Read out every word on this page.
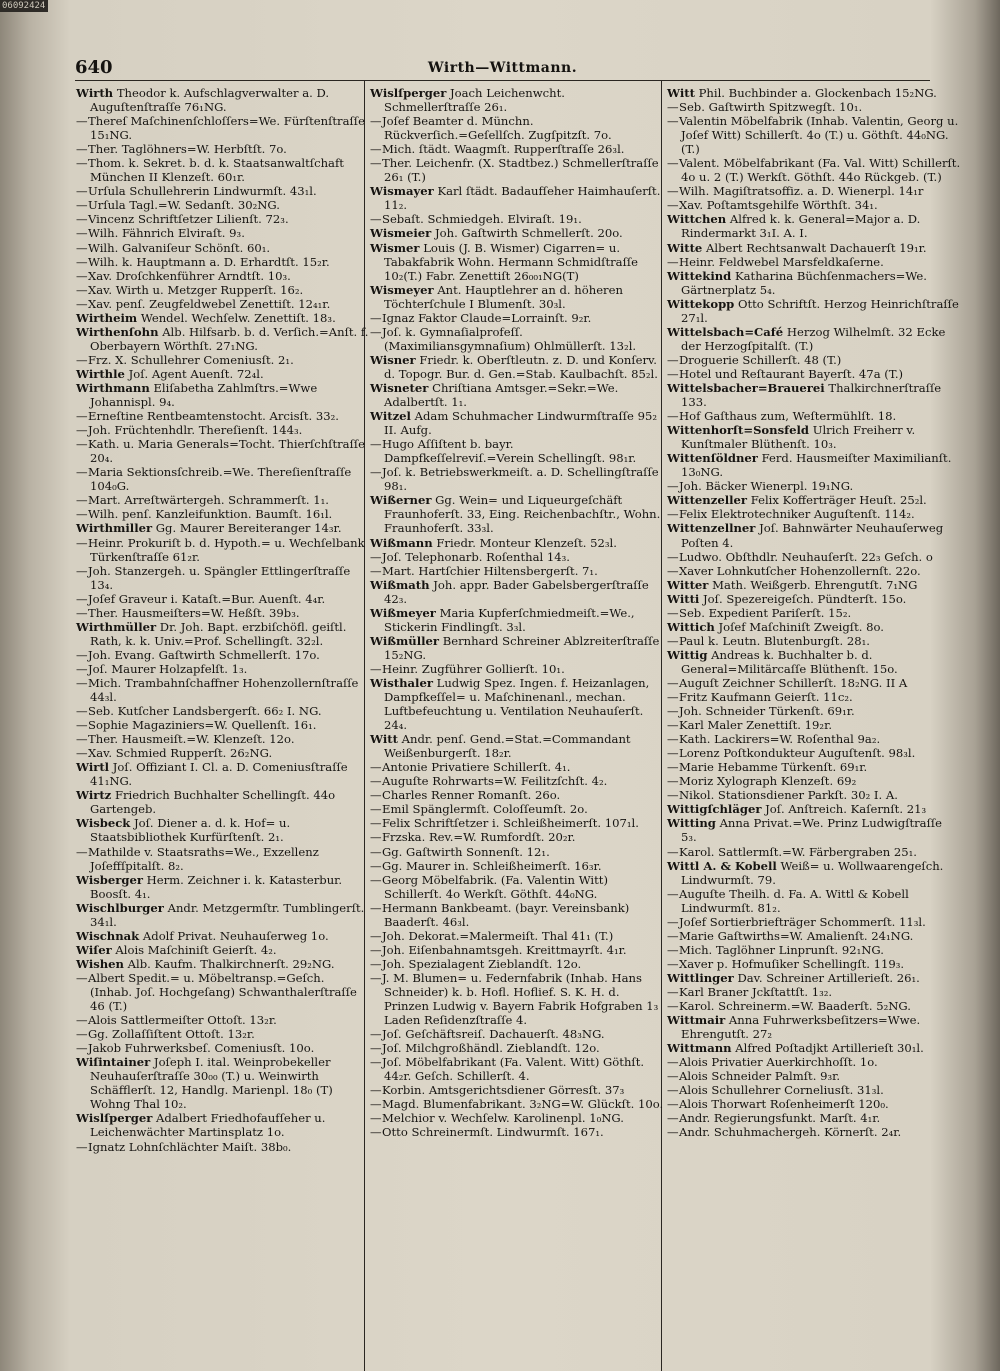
06092424
640	Wirth—Wittmann.

Wirth Theodor k. Aufschlagverwalter a. D. Auguſtenſtraſſe 76₁NG.

—Thereſ Maſchinenſchloſſers=We. Fürſtenſtraſſe 15₁NG.

—Ther. Taglöhners=W. Herbſtſt. 7o.

—Thom. k. Sekret. b. d. k. Staatsanwaltſchaft München II Klenzeſt. 60₁r.

—Urſula Schullehrerin Lindwurmſt. 43₁l.

—Urſula Tagl.=W. Sedanſt. 30₂NG.

—Vincenz Schriftſetzer Lilienſt. 72₃.

—Wilh. Fähnrich Elviraſt. 9₃.

—Wilh. Galvaniſeur Schönſt. 60₁.

—Wilh. k. Hauptmann a. D. Erhardtſt. 15₂r.

—Xav. Droſchkenführer Arndtſt. 10₃.

—Xav. Wirth u. Metzger Rupperſt. 16₂.

—Xav. penſ. Zeugfeldwebel Zenettiſt. 12₄₁r.

Wirtheim Wendel. Wechſelw. Zenettiſt. 18₃.

Wirthenſohn Alb. Hilfsarb. b. d. Verſich.=Anſt. f. Oberbayern Wörthſt. 27₁NG.

—Frz. X. Schullehrer Comeniusſt. 2₁.

Wirthle Joſ. Agent Auenſt. 72₄l.

Wirthmann Eliſabetha Zahlmſtrs.=Wwe Johannispl. 9₄.

—Erneſtine Rentbeamtenstocht. Arcisſt. 33₂.

—Joh. Früchtenhdlr. Thereſienſt. 144₃.

—Kath. u. Maria Generals=Tocht. Thierſchſtraſſe 20₄.

—Maria Sektionsſchreib.=We. Thereſienſtraſſe 104₀G.

—Mart. Arreſtwärtergeh. Schrammerſt. 1₁.

—Wilh. penſ. Kanzleifunktion. Baumſt. 16₁l.

Wirthmiller Gg. Maurer Bereiteranger 14₃r.

—Heinr. Prokuriſt b. d. Hypoth.= u. Wechſelbank Türkenſtraſſe 61₂r.

—Joh. Stanzergeh. u. Spängler Ettlingerſtraſſe 13₄.

—Joſef Graveur i. Kataſt.=Bur. Auenſt. 4₄r.

—Ther. Hausmeiſters=W. Heßſt. 39b₃.

Wirthmüller Dr. Joh. Bapt. erzbiſchöfl. geiſtl. Rath, k. k. Univ.=Prof. Schellingſt. 32₂l.

—Joh. Evang. Gaſtwirth Schmellerſt. 17o.

—Joſ. Maurer Holzapfelſt. 1₃.

—Mich. Trambahnſchaffner Hohenzollernſtraſſe 44₃l.

—Seb. Kutſcher Landsbergerſt. 66₂ I. NG.

—Sophie Magaziniers=W. Quellenſt. 16₁.

—Ther. Hausmeiſt.=W. Klenzeſt. 12o.

—Xav. Schmied Rupperſt. 26₂NG.

Wirtl Joſ. Offiziant I. Cl. a. D. Comeniusſtraſſe 41₁NG.

Wirtz Friedrich Buchhalter Schellingſt. 44o Gartengeb.

Wisbeck Joſ. Diener a. d. k. Hof= u. Staatsbibliothek Kurfürſtenſt. 2₁.

—Mathilde v. Staatsraths=We., Exzellenz Joſeffſpitalſt. 8₂.

Wisberger Herm. Zeichner i. k. Katasterbur. Boosſt. 4₁.

Wischlburger Andr. Metzgermſtr. Tumblingerſt. 34₁l.

Wischnak Adolf Privat. Neuhauſerweg 1o.

Wiſer Alois Maſchiniſt Geierſt. 4₂.

Wishen Alb. Kaufm. Thalkirchnerſt. 29₂NG.

—Albert Spedit.= u. Möbeltransp.=Geſch. (Inhab. Joſ. Hochgeſang) Schwanthalerſtraſſe 46 (T.)

—Alois Sattlermeiſter Ottoſt. 13₂r.

—Gg. Zollaſſiſtent Ottoſt. 13₂r.

—Jakob Fuhrwerksbeſ. Comeniusſt. 10o.

Wiſintainer Joſeph I. ital. Weinprobekeller Neuhauſerſtraſſe 30₀₀ (T.) u. Weinwirth Schäfflerſt. 12, Handlg. Marienpl. 18₀ (T) Wohng Thal 10₂.

Wislſperger Adalbert Friedhofaufſeher u. Leichenwächter Martinsplatz 1o.

—Ignatz Lohnſchlächter Maiſt. 38b₀.

Wislſperger Joach Leichenwcht. Schmellerſtraſſe 26₁.

—Joſef Beamter d. Münchn. Rückverſich.=Geſellſch. Zugſpitzſt. 7o.

—Mich. ſtädt. Waagmſt. Rupperſtraſſe 26₃l.

—Ther. Leichenfr. (X. Stadtbez.) Schmellerſtraſſe 26₁ (T.)

Wismayer Karl ſtädt. Badaufſeher Haimhauſerſt. 11₂.

—Sebaſt. Schmiedgeh. Elviraſt. 19₁.

Wismeier Joh. Gaſtwirth Schmellerſt. 20o.

Wismer Louis (J. B. Wismer) Cigarren= u. Tabakfabrik Wohn. Hermann Schmidſtraſſe 10₂(T.) Fabr. Zenettiſt 26₀₀₁NG(T)

Wismeyer Ant. Hauptlehrer an d. höheren Töchterſchule I Blumenſt. 30₃l.

—Ignaz Faktor Claude=Lorrainſt. 9₂r.

—Joſ. k. Gymnaſialprofeſſ. (Maximiliansgymnaſium) Ohlmüllerſt. 13₂l.

Wisner Friedr. k. Oberſtleutn. z. D. und Konſerv. d. Topogr. Bur. d. Gen.=Stab. Kaulbachſt. 85₂l.

Wisneter Chriſtiana Amtsger.=Sekr.=We. Adalbertſt. 1₁.

Witzel Adam Schuhmacher Lindwurmſtraſſe 95₂ II. Aufg.

—Hugo Aſſiſtent b. bayr. Dampfkeſſelreviſ.=Verein Schellingſt. 98₁r.

—Joſ. k. Betriebswerkmeiſt. a. D. Schellingſtraſſe 98₁.

Wißerner Gg. Wein= und Liqueurgeſchäft Fraunhoferſt. 33, Eing. Reichenbachſtr., Wohn. Fraunhoferſt. 33₃l.

Wißmann Friedr. Monteur Klenzeſt. 52₃l.

—Joſ. Telephonarb. Roſenthal 14₃.

—Mart. Hartſchier Hiltensbergerſt. 7₁.

Wißmath Joh. appr. Bader Gabelsbergerſtraſſe 42₃.

Wißmeyer Maria Kupferſchmiedmeiſt.=We., Stickerin Findlingſt. 3₃l.

Wißmüller Bernhard Schreiner Ablzreiterſtraſſe 15₂NG.

—Heinr. Zugführer Gollierſt. 10₁.

Wisthaler Ludwig Spez. Ingen. f. Heizanlagen, Dampfkeſſel= u. Maſchinenanl., mechan. Luftbefeuchtung u. Ventilation Neuhauſerſt. 24₄.

Witt Andr. penſ. Gend.=Stat.=Commandant Weißenburgerſt. 18₂r.

—Antonie Privatiere Schillerſt. 4₁.

—Auguſte Rohrwarts=W. Feilitzſchſt. 4₂.

—Charles Renner Romanſt. 26o.

—Emil Spänglermſt. Coloſſeumſt. 2o.

—Felix Schriftſetzer i. Schleißheimerſt. 107₁l.

—Frzska. Rev.=W. Rumfordſt. 20₂r.

—Gg. Gaſtwirth Sonnenſt. 12₁.

—Gg. Maurer in. Schleißheimerſt. 16₃r.

—Georg Möbelfabrik. (Fa. Valentin Witt) Schillerſt. 4o Werkſt. Göthſt. 44₀NG.

—Hermann Bankbeamt. (bayr. Vereinsbank) Baaderſt. 46₃l.

—Joh. Dekorat.=Malermeiſt. Thal 41₁ (T.)

—Joh. Eiſenbahnamtsgeh. Kreittmayrſt. 4₁r.

—Joh. Spezialagent Zieblandſt. 12o.

—J. M. Blumen= u. Federnfabrik (Inhab. Hans Schneider) k. b. Hofl. Hoflief. S. K. H. d. Prinzen Ludwig v. Bayern Fabrik Hofgraben 1₃ Laden Reſidenzſtraſſe 4.

—Joſ. Geſchäftsreiſ. Dachauerſt. 48₃NG.

—Joſ. Milchgroßhändl. Zieblandſt. 12o.

—Joſ. Möbelfabrikant (Fa. Valent. Witt) Göthſt. 44₂r. Geſch. Schillerſt. 4.

—Korbin. Amtsgerichtsdiener Görresſt. 37₃

—Magd. Blumenfabrikant. 3₂NG=W. Glückſt. 10o.

—Melchior v. Wechſelw. Karolinenpl. 1₀NG.

—Otto Schreinermſt. Lindwurmſt. 167₁.

Witt Phil. Buchbinder a. Glockenbach 15₂NG.

—Seb. Gaſtwirth Spitzwegſt. 10₁.

—Valentin Möbelfabrik (Inhab. Valentin, Georg u. Joſef Witt) Schillerſt. 4o (T.) u. Göthſt. 44₀NG. (T.)

—Valent. Möbelfabrikant (Fa. Val. Witt) Schillerſt. 4o u. 2 (T.) Werkſt. Göthſt. 44o Rückgeb. (T.)

—Wilh. Magiſtratsoffiz. a. D. Wienerpl. 14₁r

—Xav. Poſtamtsgehilfe Wörthſt. 34₁.

Wittchen Alfred k. k. General=Major a. D. Rindermarkt 3₁I. A. I.

Witte Albert Rechtsanwalt Dachauerſt 19₁r.

—Heinr. Feldwebel Marsfeldkaſerne.

Wittekind Katharina Büchſenmachers=We. Gärtnerplatz 5₄.

Wittekopp Otto Schriftſt. Herzog Heinrichſtraſſe 27₁l.

Wittelsbach=Café Herzog Wilhelmſt. 32 Ecke der Herzogſpitalſt. (T.)

—Droguerie Schillerſt. 48 (T.)

—Hotel und Reſtaurant Bayerſt. 47a (T.)

Wittelsbacher=Brauerei Thalkirchnerſtraſſe 133.

—Hof Gaſthaus zum, Weſtermühlſt. 18.

Wittenhorſt=Sonsfeld Ulrich Freiherr v. Kunſtmaler Blüthenſt. 10₃.

Wittenſöldner Ferd. Hausmeiſter Maximilianſt. 13₀NG.

—Joh. Bäcker Wienerpl. 19₁NG.

Wittenzeller Felix Kofferträger Heuſt. 25₂l.

—Felix Elektrotechniker Auguſtenſt. 114₂.

Wittenzellner Joſ. Bahnwärter Neuhauſerweg Poſten 4.

—Ludwo. Obſthdlr. Neuhauſerſt. 22₃ Geſch. o

—Xaver Lohnkutſcher Hohenzollernſt. 22o.

Witter Math. Weißgerb. Ehrengutſt. 7₁NG

Witti Joſ. Spezereigeſch. Pündterſt. 15o.

—Seb. Expedient Pariſerſt. 15₂.

Wittich Joſef Maſchiniſt Zweigſt. 8o.

—Paul k. Leutn. Blutenburgſt. 28₁.

Wittig Andreas k. Buchhalter b. d. General=Militärcaſſe Blüthenſt. 15o.

—Auguſt Zeichner Schillerſt. 18₂NG. II A

—Fritz Kaufmann Geierſt. 11c₂.

—Joh. Schneider Türkenſt. 69₁r.

—Karl Maler Zenettiſt. 19₂r.

—Kath. Lackirers=W. Roſenthal 9a₂.

—Lorenz Poſtkondukteur Auguſtenſt. 98₃l.

—Marie Hebamme Türkenſt. 69₁r.

—Moriz Xylograph Klenzeſt. 69₂

—Nikol. Stationsdiener Parkſt. 30₂ I. A.

Wittigſchläger Joſ. Anſtreich. Kaſernſt. 21₃

Witting Anna Privat.=We. Prinz Ludwigſtraſſe 5₃.

—Karol. Sattlermſt.=W. Färbergraben 25₁.

Wittl A. & Kobell Weiß= u. Wollwaarengeſch. Lindwurmſt. 79.

—Auguſte Theilh. d. Fa. A. Wittl & Kobell Lindwurmſt. 81₂.

—Joſef Sortierbriefträger Schommerſt. 11₃l.

—Marie Gaſtwirths=W. Amalienſt. 24₁NG.

—Mich. Taglöhner Linprunſt. 92₁NG.

—Xaver p. Hofmuſiker Schellingſt. 119₃.

Wittlinger Dav. Schreiner Artillerieſt. 26₁.

—Karl Braner Jckſtattſt. 1₃₂.

—Karol. Schreinerm.=W. Baaderſt. 5₂NG.

Wittmair Anna Fuhrwerksbeſitzers=Wwe. Ehrengutſt. 27₂

Wittmann Alfred Poſtadjkt Artillerieſt 30₁l.

—Alois Privatier Auerkirchhoſſt. 1o.

—Alois Schneider Palmſt. 9₃r.

—Alois Schullehrer Corneliusſt. 31₃l.

—Alois Thorwart Roſenheimerſt 120₀.

—Andr. Regierungsfunkt. Marſt. 4₁r.

—Andr. Schuhmachergeh. Körnerſt. 2₄r.
